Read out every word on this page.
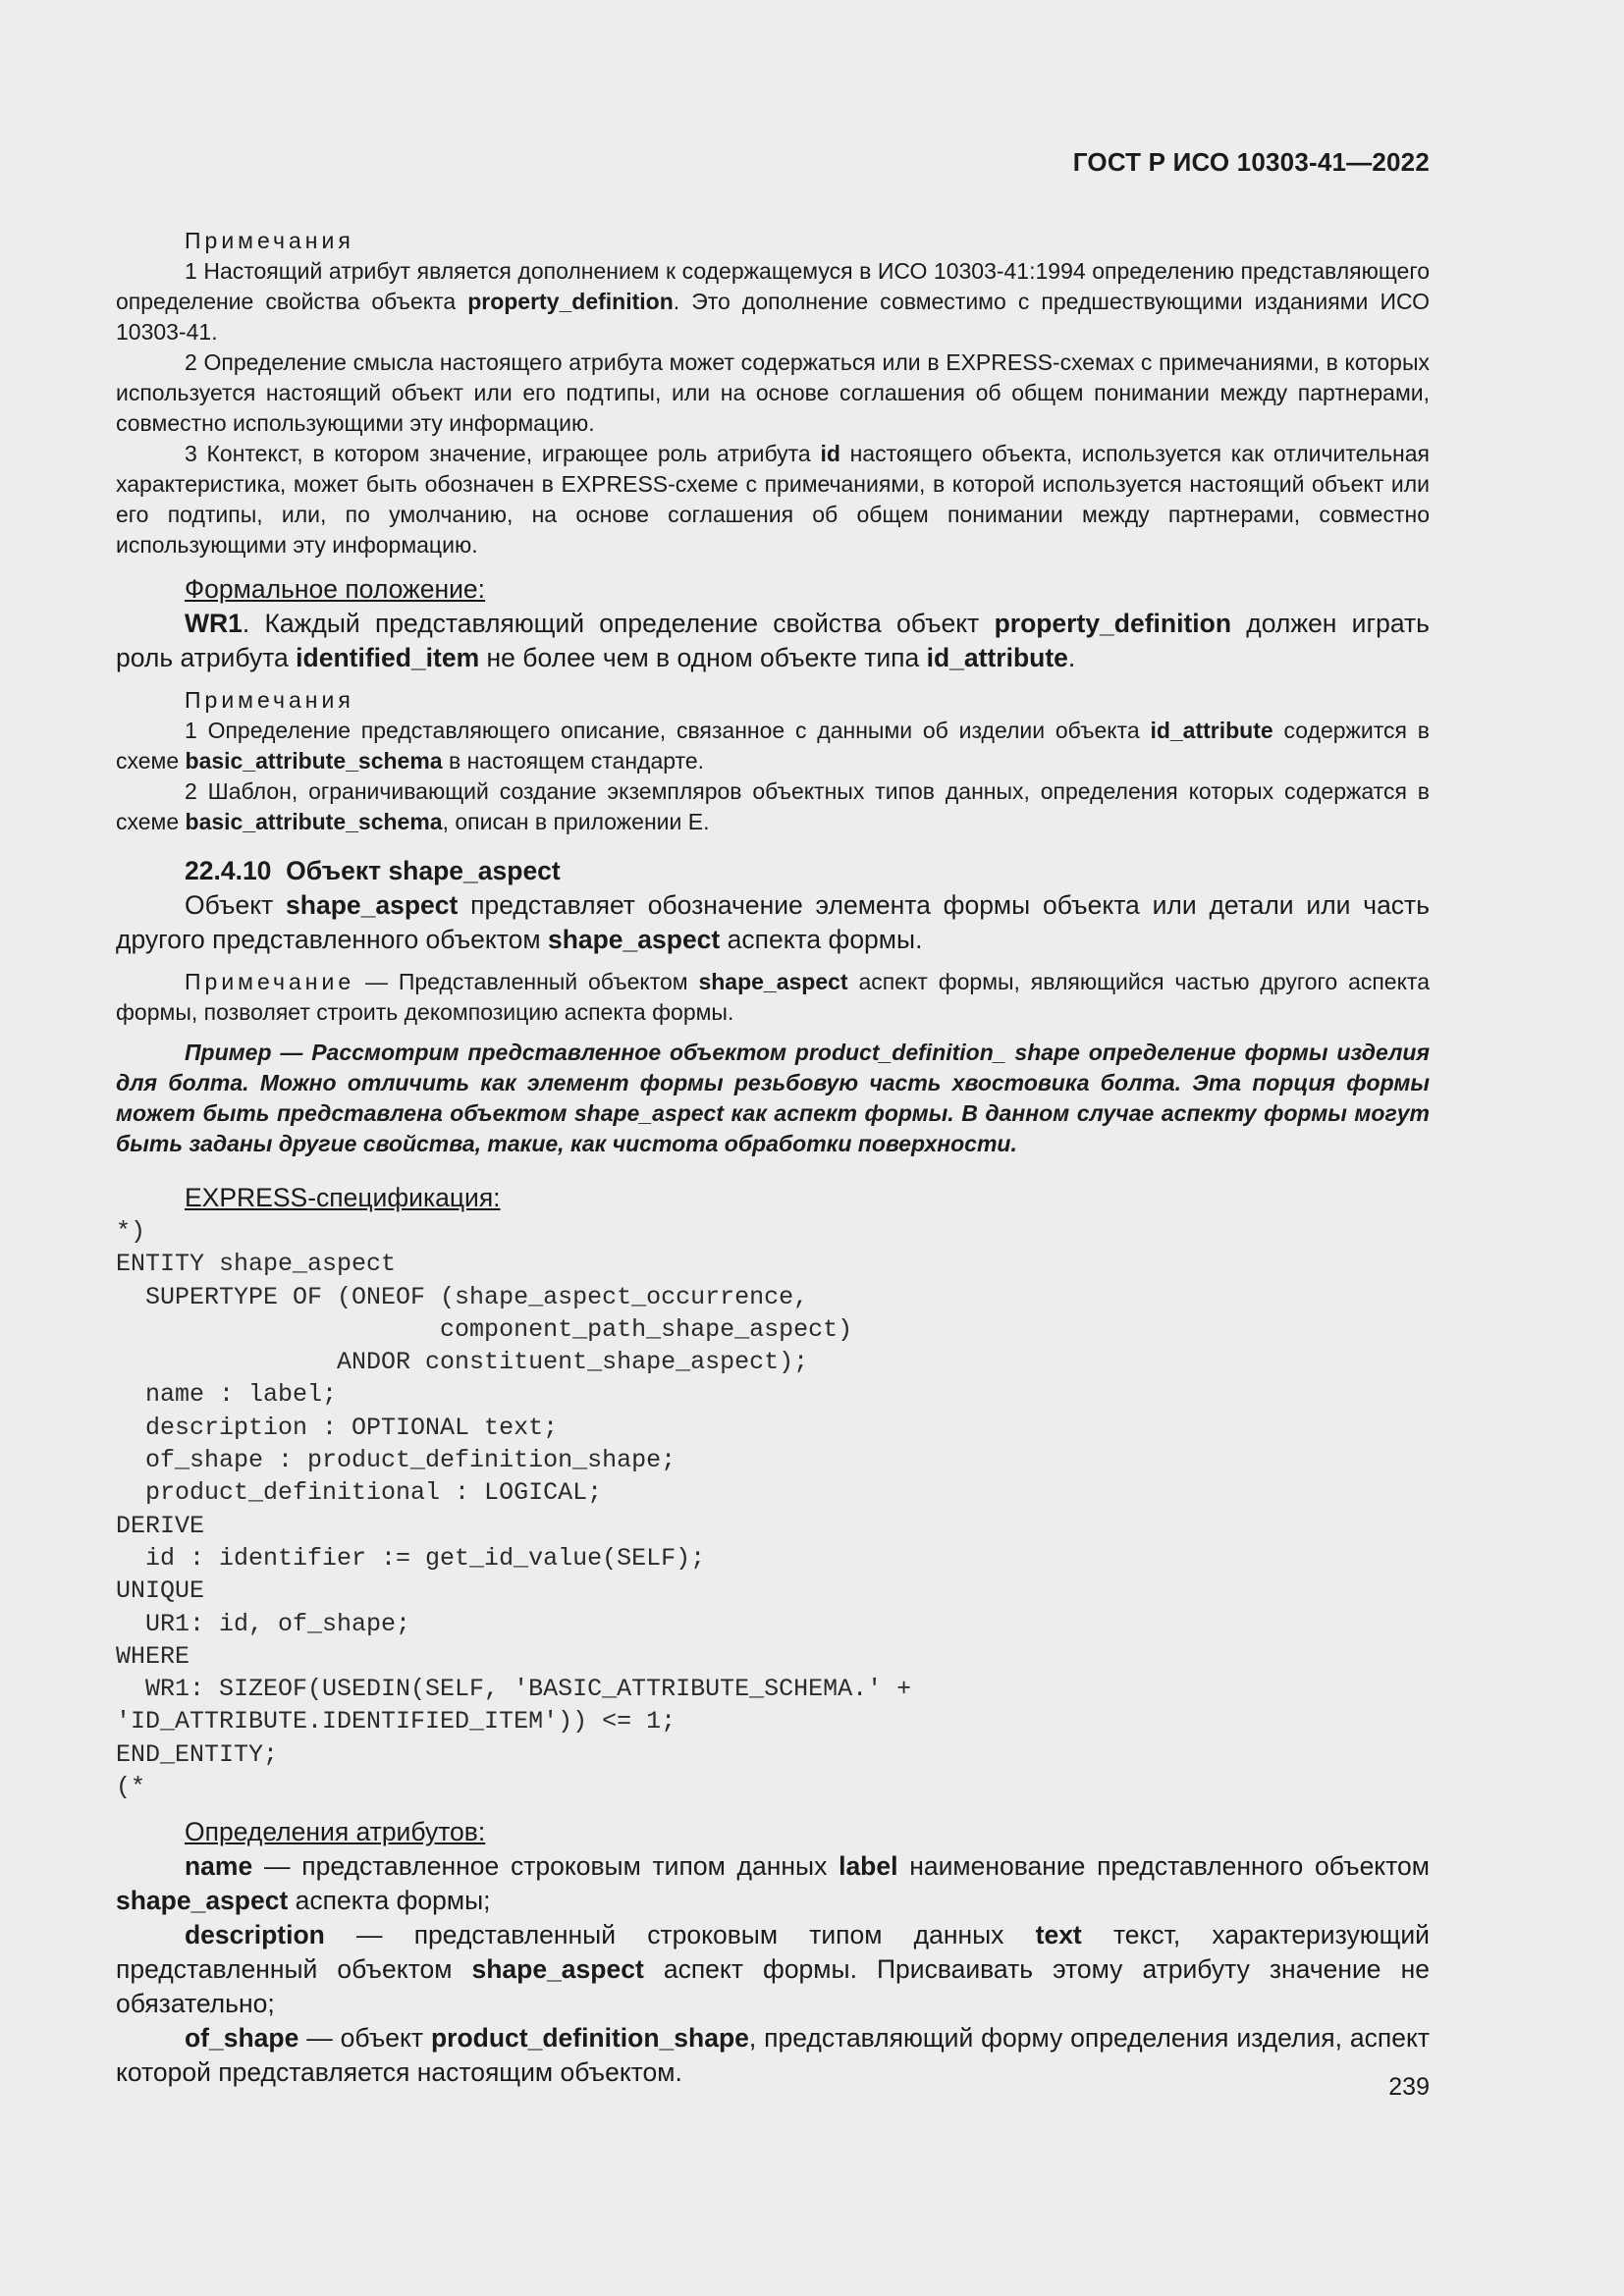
ГОСТ Р ИСО 10303-41—2022

Примечания

1 Настоящий атрибут является дополнением к содержащемуся в ИСО 10303-41:1994 определению представляющего определение свойства объекта property_definition. Это дополнение совместимо с предшествующими изданиями ИСО 10303-41.

2 Определение смысла настоящего атрибута может содержаться или в EXPRESS-схемах с примечаниями, в которых используется настоящий объект или его подтипы, или на основе соглашения об общем понимании между партнерами, совместно использующими эту информацию.

3 Контекст, в котором значение, играющее роль атрибута id настоящего объекта, используется как отличительная характеристика, может быть обозначен в EXPRESS-схеме с примечаниями, в которой используется настоящий объект или его подтипы, или, по умолчанию, на основе соглашения об общем понимании между партнерами, совместно использующими эту информацию.

Формальное положение:

WR1. Каждый представляющий определение свойства объект property_definition должен играть роль атрибута identified_item не более чем в одном объекте типа id_attribute.

Примечания

1 Определение представляющего описание, связанное с данными об изделии объекта id_attribute содержится в схеме basic_attribute_schema в настоящем стандарте.

2 Шаблон, ограничивающий создание экземпляров объектных типов данных, определения которых содержатся в схеме basic_attribute_schema, описан в приложении Е.

22.4.10 Объект shape_aspect

Объект shape_aspect представляет обозначение элемента формы объекта или детали или часть другого представленного объектом shape_aspect аспекта формы.

Примечание — Представленный объектом shape_aspect аспект формы, являющийся частью другого аспекта формы, позволяет строить декомпозицию аспекта формы.

Пример — Рассмотрим представленное объектом product_definition_ shape определение формы изделия для болта. Можно отличить как элемент формы резьбовую часть хвостовика болта. Эта порция формы может быть представлена объектом shape_aspect как аспект формы. В данном случае аспекту формы могут быть заданы другие свойства, такие, как чистота обработки поверхности.

EXPRESS-спецификация:

*)
ENTITY shape_aspect
SUPERTYPE OF (ONEOF (shape_aspect_occurrence,
component_path_shape_aspect)
ANDOR constituent_shape_aspect);
name : label;
description : OPTIONAL text;
of_shape : product_definition_shape;
product_definitional : LOGICAL;
DERIVE
id : identifier := get_id_value(SELF);
UNIQUE
UR1: id, of_shape;
WHERE
WR1: SIZEOF(USEDIN(SELF, 'BASIC_ATTRIBUTE_SCHEMA.' +
'ID_ATTRIBUTE.IDENTIFIED_ITEM')) <= 1;
END_ENTITY;
(*

Определения атрибутов:

name — представленное строковым типом данных label наименование представленного объектом shape_aspect аспекта формы;

description — представленный строковым типом данных text текст, характеризующий представленный объектом shape_aspect аспект формы. Присваивать этому атрибуту значение не обязательно;

of_shape — объект product_definition_shape, представляющий форму определения изделия, аспект которой представляется настоящим объектом.	239
